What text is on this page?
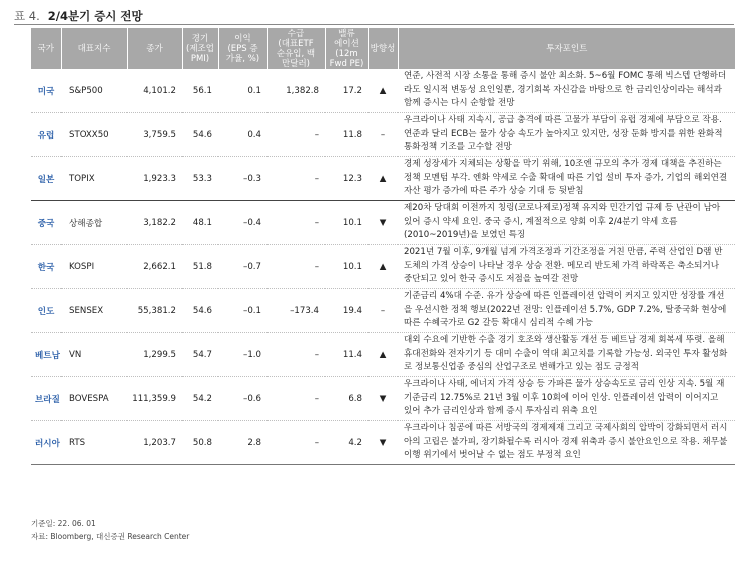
표 4. 2/4분기 증시 전망
국가	대표지수	종가	경기
(제조업
PMI)	이익
(EPS 증
가율, %)	수급
(대표ETF
순유입, 백
만달러)	밸류
에이션
(12m
Fwd PE)	방향성	투자포인트
미국	S&P500	4,101.2	56.1	0.1	1,382.8	17.2	▲	연준, 사전적 시장 소통을 통해 증시 불안 최소화. 5~6월 FOMC 통해 빅스텝 단행하더라도 일시적 변동성 요인일뿐, 경기회복 자신감을 바탕으로 한 금리인상이라는 해석과 함께 증시는 다시 순항할 전망

유럽	STOXX50	3,759.5	54.6	0.4	–	11.8	–	우크라이나 사태 지속시, 공급 충격에 따른 고물가 부담이 유럽 경제에 부담으로 작용. 연준과 달리 ECB는 물가 상승 속도가 높아지고 있지만, 성장 둔화 방지를 위한 완화적 통화정책 기조를 고수할 전망

일본	TOPIX	1,923.3	53.3	–0.3	–	12.3	▲	경제 성장세가 지체되는 상황을 막기 위해, 10조엔 규모의 추가 경제 대책을 추진하는 정책 모멘텀 부각. 엔화 약세로 수출 확대에 따른 기업 설비 투자 증가, 기업의 해외연결자산 평가 증가에 따른 주가 상승 기대 등 뒷받침

중국	상해종합	3,182.2	48.1	–0.4	–	10.1	▼	제20차 당대회 이전까지 칭링(코로나제로)정책 유지와 민간기업 규제 등 난관이 남아 있어 증시 약세 요인. 중국 증시, 계절적으로 양회 이후 2/4분기 약세 흐름(2010~2019년)을 보였던 특징

한국	KOSPI	2,662.1	51.8	–0.7	–	10.1	▲	2021년 7월 이후, 9개월 넘게 가격조정과 기간조정을 거친 만큼, 주력 산업인 D램 반도체의 가격 상승이 나타날 경우 상승 전환. 메모리 반도체 가격 하락폭은 축소되거나 중단되고 있어 한국 증시도 저점을 높여갈 전망

인도	SENSEX	55,381.2	54.6	–0.1	–173.4	19.4	–	기준금리 4%대 수준. 유가 상승에 따른 인플레이션 압력이 커지고 있지만 성장률 개선을 우선시한 정책 행보(2022년 전망: 인플레이션 5.7%, GDP 7.2%, 탈중국화 현상에 따른 수혜국가로 G2 갈등 확대시 심리적 수혜 가능

베트남	VN	1,299.5	54.7	–1.0	–	11.4	▲	대외 수요에 기반한 수출 경기 호조와 생산활동 개선 등 베트남 경제 회복세 뚜렷. 올해 휴대전화와 전자기기 등 대미 수출이 역대 최고치를 기록할 가능성. 외국인 투자 활성화로 정보통신업종 중심의 산업구조로 변해가고 있는 점도 긍정적

브라질	BOVESPA	111,359.9	54.2	–0.6	–	6.8	▼	우크라이나 사태, 에너지 가격 상승 등 가파른 물가 상승속도로 금리 인상 지속. 5월 재 기준금리 12.75%로 21년 3월 이후 10회에 이어 인상. 인플레이션 압력이 이어지고 있어 추가 금리인상과 함께 증시 투자심리 위축 요인

러시아	RTS	1,203.7	50.8	2.8	–	4.2	▼	우크라이나 침공에 따른 서방국의 경제제재 그리고 국제사회의 압박이 강화되면서 러시아의 고립은 불가피, 장기화될수록 러시아 경제 위축과 증시 불안요인으로 작용. 채무불이행 위기에서 벗어날 수 없는 점도 부정적 요인
기준일: 22. 06. 01
자료: Bloomberg, 대신증권 Research Center
